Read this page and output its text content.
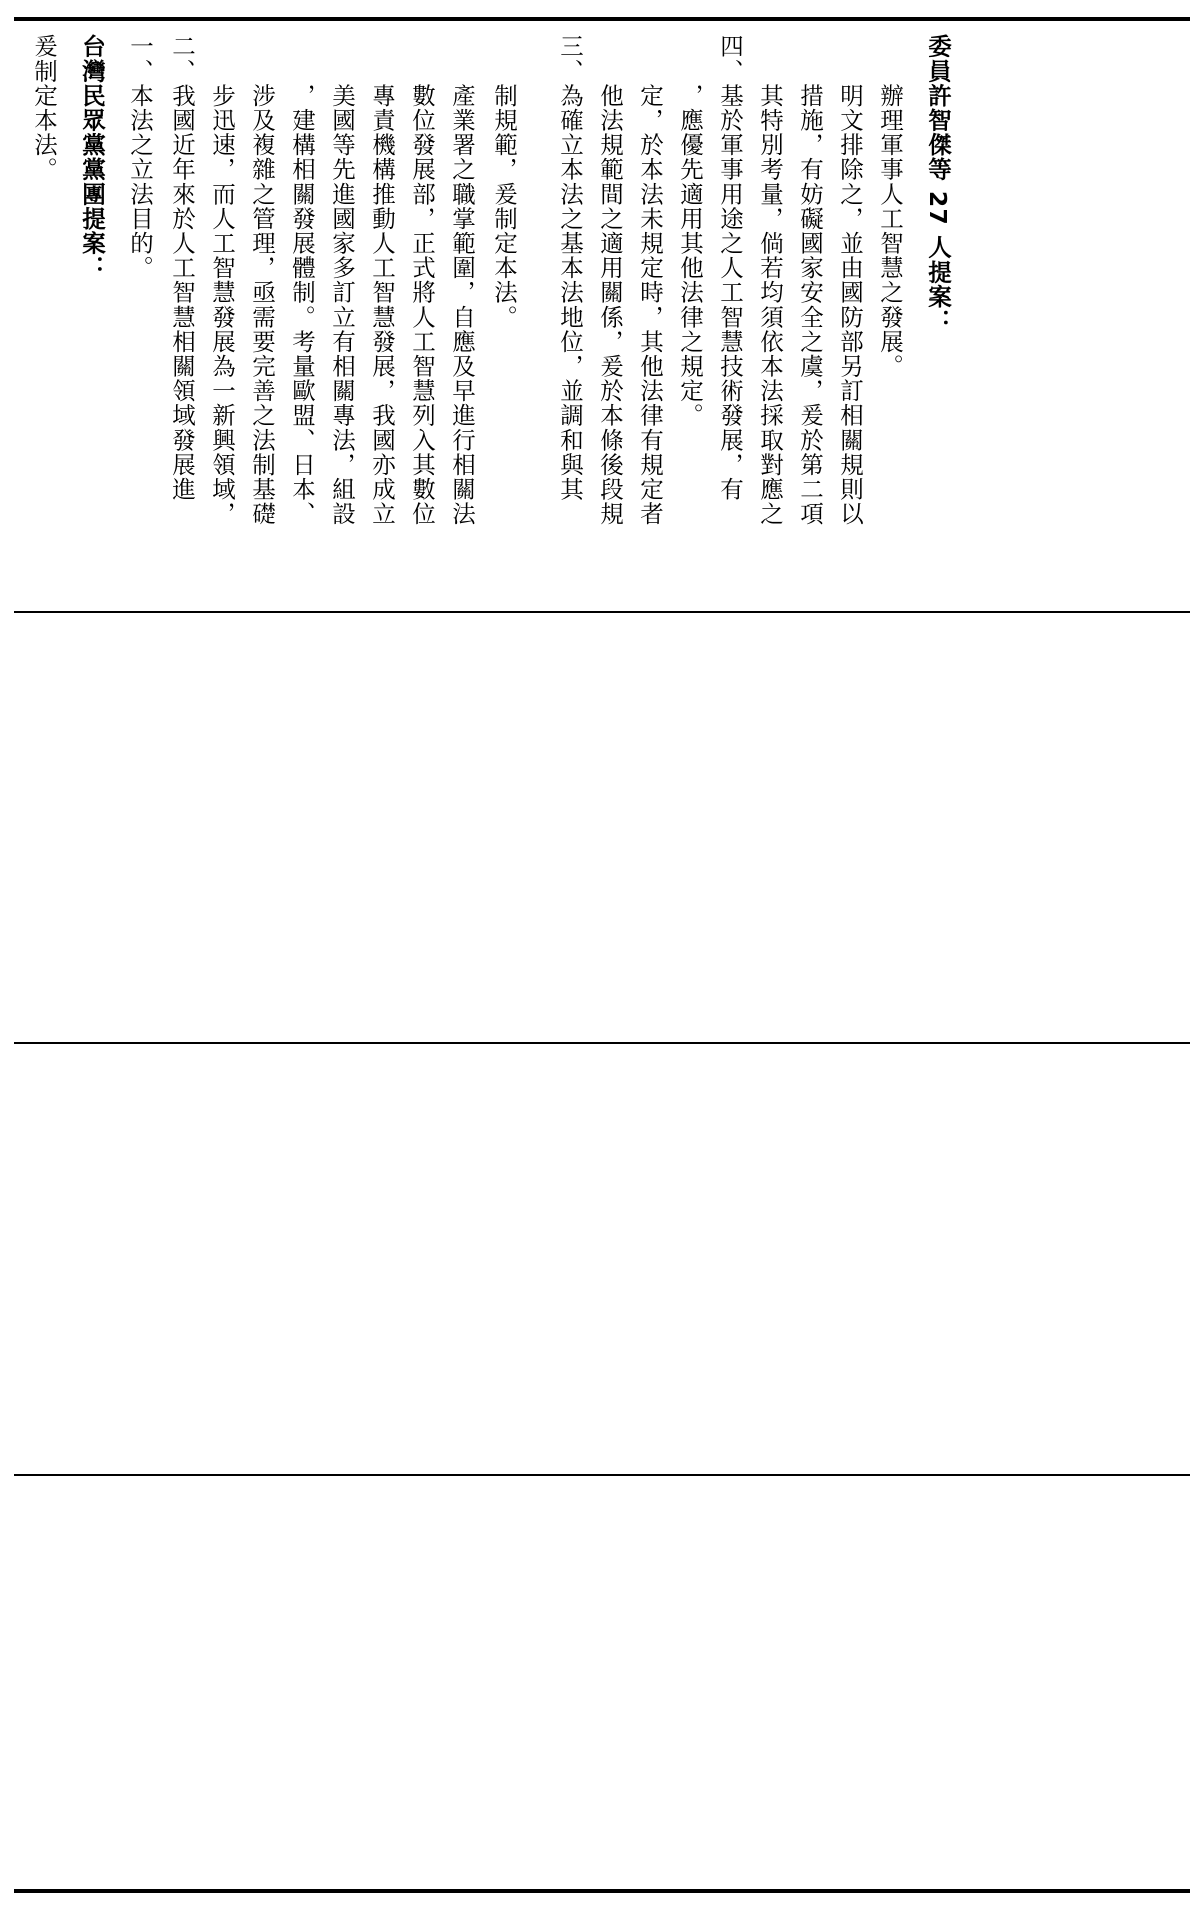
爰制定本法。 台灣民眾黨黨團提案： 一、本法之立法目的。 二、我國近年來於人工智慧相關領域發展進 　　步迅速，而人工智慧發展為一新興領域， 　　涉及複雜之管理，亟需要完善之法制基礎 　　，建構相關發展體制。考量歐盟、日本、 　　美國等先進國家多訂立有相關專法，組設 　　專責機構推動人工智慧發展，我國亦成立 　　數位發展部，正式將人工智慧列入其數位 　　產業署之職掌範圍，自應及早進行相關法 　　制規範，爰制定本法。 三、為確立本法之基本法地位，並調和與其 　　他法規範間之適用關係，爰於本條後段規 　　定，於本法未規定時，其他法律有規定者 　　，應優先適用其他法律之規定。 四、基於軍事用途之人工智慧技術發展，有 　　其特別考量，倘若均須依本法採取對應之 　　措施，有妨礙國家安全之虞，爰於第二項 　　明文排除之，並由國防部另訂相關規則以 　　辦理軍事人工智慧之發展。 委員許智傑等 27 人提案：
